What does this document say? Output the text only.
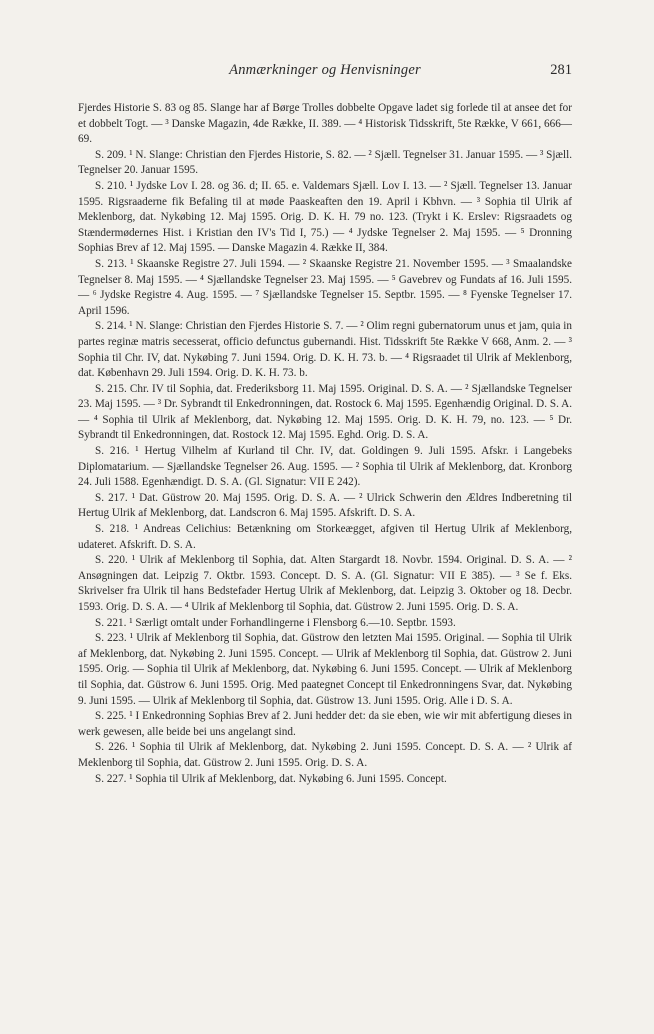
Anmærkninger og Henvisninger	281

Fjerdes Historie S. 83 og 85. Slange har af Børge Trolles dobbelte Opgave ladet sig forlede til at ansee det for et dobbelt Togt. — ³ Danske Magazin, 4de Række, II. 389. — ⁴ Historisk Tidsskrift, 5te Række, V 661, 666—69.

S. 209. ¹ N. Slange: Christian den Fjerdes Historie, S. 82. — ² Sjæll. Tegnelser 31. Januar 1595. — ³ Sjæll. Tegnelser 20. Januar 1595.

S. 210. ¹ Jydske Lov I. 28. og 36. d; II. 65. e. Valdemars Sjæll. Lov I. 13. — ² Sjæll. Tegnelser 13. Januar 1595. Rigsraaderne fik Befaling til at møde Paaskeaften den 19. April i Kbhvn. — ³ Sophia til Ulrik af Meklenborg, dat. Nykøbing 12. Maj 1595. Orig. D. K. H. 79 no. 123. (Trykt i K. Erslev: Rigsraadets og Stændermødernes Hist. i Kristian den IV's Tid I, 75.) — ⁴ Jydske Tegnelser 2. Maj 1595. — ⁵ Dronning Sophias Brev af 12. Maj 1595. — Danske Magazin 4. Række II, 384.

S. 213. ¹ Skaanske Registre 27. Juli 1594. — ² Skaanske Registre 21. November 1595. — ³ Smaalandske Tegnelser 8. Maj 1595. — ⁴ Sjællandske Tegnelser 23. Maj 1595. — ⁵ Gavebrev og Fundats af 16. Juli 1595. — ⁶ Jydske Registre 4. Aug. 1595. — ⁷ Sjællandske Tegnelser 15. Septbr. 1595. — ⁸ Fyenske Tegnelser 17. April 1596.

S. 214. ¹ N. Slange: Christian den Fjerdes Historie S. 7. — ² Olim regni gubernatorum unus et jam, quia in partes reginæ matris secesserat, officio defunctus gubernandi. Hist. Tidsskrift 5te Række V 668, Anm. 2. — ³ Sophia til Chr. IV, dat. Nykøbing 7. Juni 1594. Orig. D. K. H. 73. b. — ⁴ Rigsraadet til Ulrik af Meklenborg, dat. København 29. Juli 1594. Orig. D. K. H. 73. b.

S. 215. Chr. IV til Sophia, dat. Frederiksborg 11. Maj 1595. Original. D. S. A. — ² Sjællandske Tegnelser 23. Maj 1595. — ³ Dr. Sybrandt til Enkedronningen, dat. Rostock 6. Maj 1595. Egenhændig Original. D. S. A. — ⁴ Sophia til Ulrik af Meklenborg, dat. Nykøbing 12. Maj 1595. Orig. D. K. H. 79, no. 123. — ⁵ Dr. Sybrandt til Enkedronningen, dat. Rostock 12. Maj 1595. Eghd. Orig. D. S. A.

S. 216. ¹ Hertug Vilhelm af Kurland til Chr. IV, dat. Goldingen 9. Juli 1595. Afskr. i Langebeks Diplomatarium. — Sjællandske Tegnelser 26. Aug. 1595. — ² Sophia til Ulrik af Meklenborg, dat. Kronborg 24. Juli 1588. Egenhændigt. D. S. A. (Gl. Signatur: VII E 242).

S. 217. ¹ Dat. Güstrow 20. Maj 1595. Orig. D. S. A. — ² Ulrick Schwerin den Ældres Indberetning til Hertug Ulrik af Meklenborg, dat. Landscron 6. Maj 1595. Afskrift. D. S. A.

S. 218. ¹ Andreas Celichius: Betænkning om Storkeægget, afgiven til Hertug Ulrik af Meklenborg, udateret. Afskrift. D. S. A.

S. 220. ¹ Ulrik af Meklenborg til Sophia, dat. Alten Stargardt 18. Novbr. 1594. Original. D. S. A. — ² Ansøgningen dat. Leipzig 7. Oktbr. 1593. Concept. D. S. A. (Gl. Signatur: VII E 385). — ³ Se f. Eks. Skrivelser fra Ulrik til hans Bedstefader Hertug Ulrik af Meklenborg, dat. Leipzig 3. Oktober og 18. Decbr. 1593. Orig. D. S. A. — ⁴ Ulrik af Meklenborg til Sophia, dat. Güstrow 2. Juni 1595. Orig. D. S. A.

S. 221. ¹ Særligt omtalt under Forhandlingerne i Flensborg 6.—10. Septbr. 1593.

S. 223. ¹ Ulrik af Meklenborg til Sophia, dat. Güstrow den letzten Mai 1595. Original. — Sophia til Ulrik af Meklenborg, dat. Nykøbing 2. Juni 1595. Concept. — Ulrik af Meklenborg til Sophia, dat. Güstrow 2. Juni 1595. Orig. — Sophia til Ulrik af Meklenborg, dat. Nykøbing 6. Juni 1595. Concept. — Ulrik af Meklenborg til Sophia, dat. Güstrow 6. Juni 1595. Orig. Med paategnet Concept til Enkedronningens Svar, dat. Nykøbing 9. Juni 1595. — Ulrik af Meklenborg til Sophia, dat. Güstrow 13. Juni 1595. Orig. Alle i D. S. A.

S. 225. ¹ I Enkedronning Sophias Brev af 2. Juni hedder det: da sie eben, wie wir mit abfertigung dieses in werk gewesen, alle beide bei uns angelangt sind.

S. 226. ¹ Sophia til Ulrik af Meklenborg, dat. Nykøbing 2. Juni 1595. Concept. D. S. A. — ² Ulrik af Meklenborg til Sophia, dat. Güstrow 2. Juni 1595. Orig. D. S. A.

S. 227. ¹ Sophia til Ulrik af Meklenborg, dat. Nykøbing 6. Juni 1595. Concept.
